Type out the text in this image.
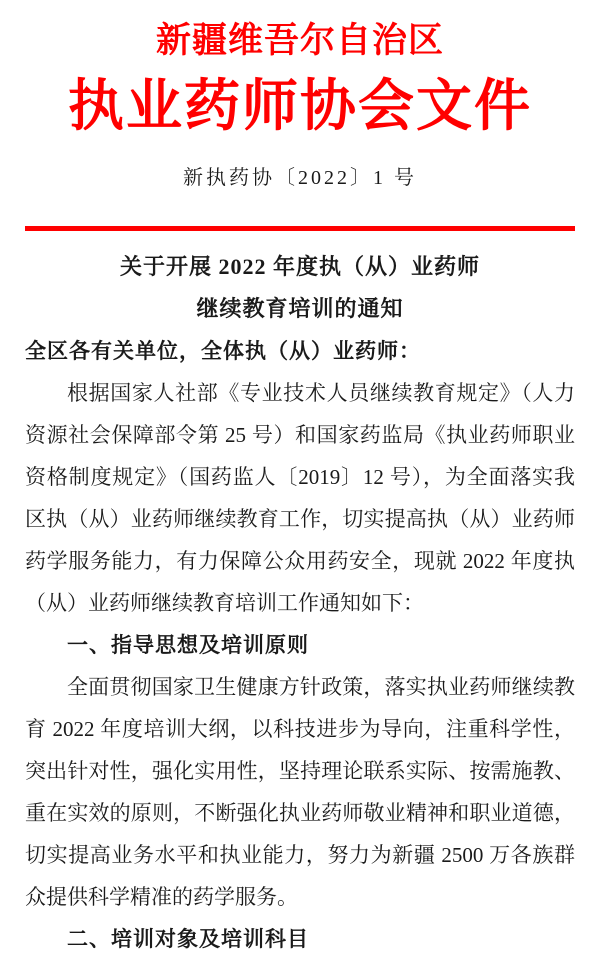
新疆维吾尔自治区
执业药师协会文件
新执药协〔2022〕1 号
关于开展 2022 年度执（从）业药师
继续教育培训的通知

全区各有关单位，全体执（从）业药师：

根据国家人社部《专业技术人员继续教育规定》（人力资源社会保障部令第 25 号）和国家药监局《执业药师职业资格制度规定》（国药监人〔2019〕12 号），为全面落实我区执（从）业药师继续教育工作，切实提高执（从）业药师药学服务能力，有力保障公众用药安全，现就 2022 年度执（从）业药师继续教育培训工作通知如下：

一、指导思想及培训原则

全面贯彻国家卫生健康方针政策，落实执业药师继续教育 2022 年度培训大纲，以科技进步为导向，注重科学性，突出针对性，强化实用性，坚持理论联系实际、按需施教、重在实效的原则，不断强化执业药师敬业精神和职业道德，切实提高业务水平和执业能力，努力为新疆 2500 万各族群众提供科学精准的药学服务。

二、培训对象及培训科目
